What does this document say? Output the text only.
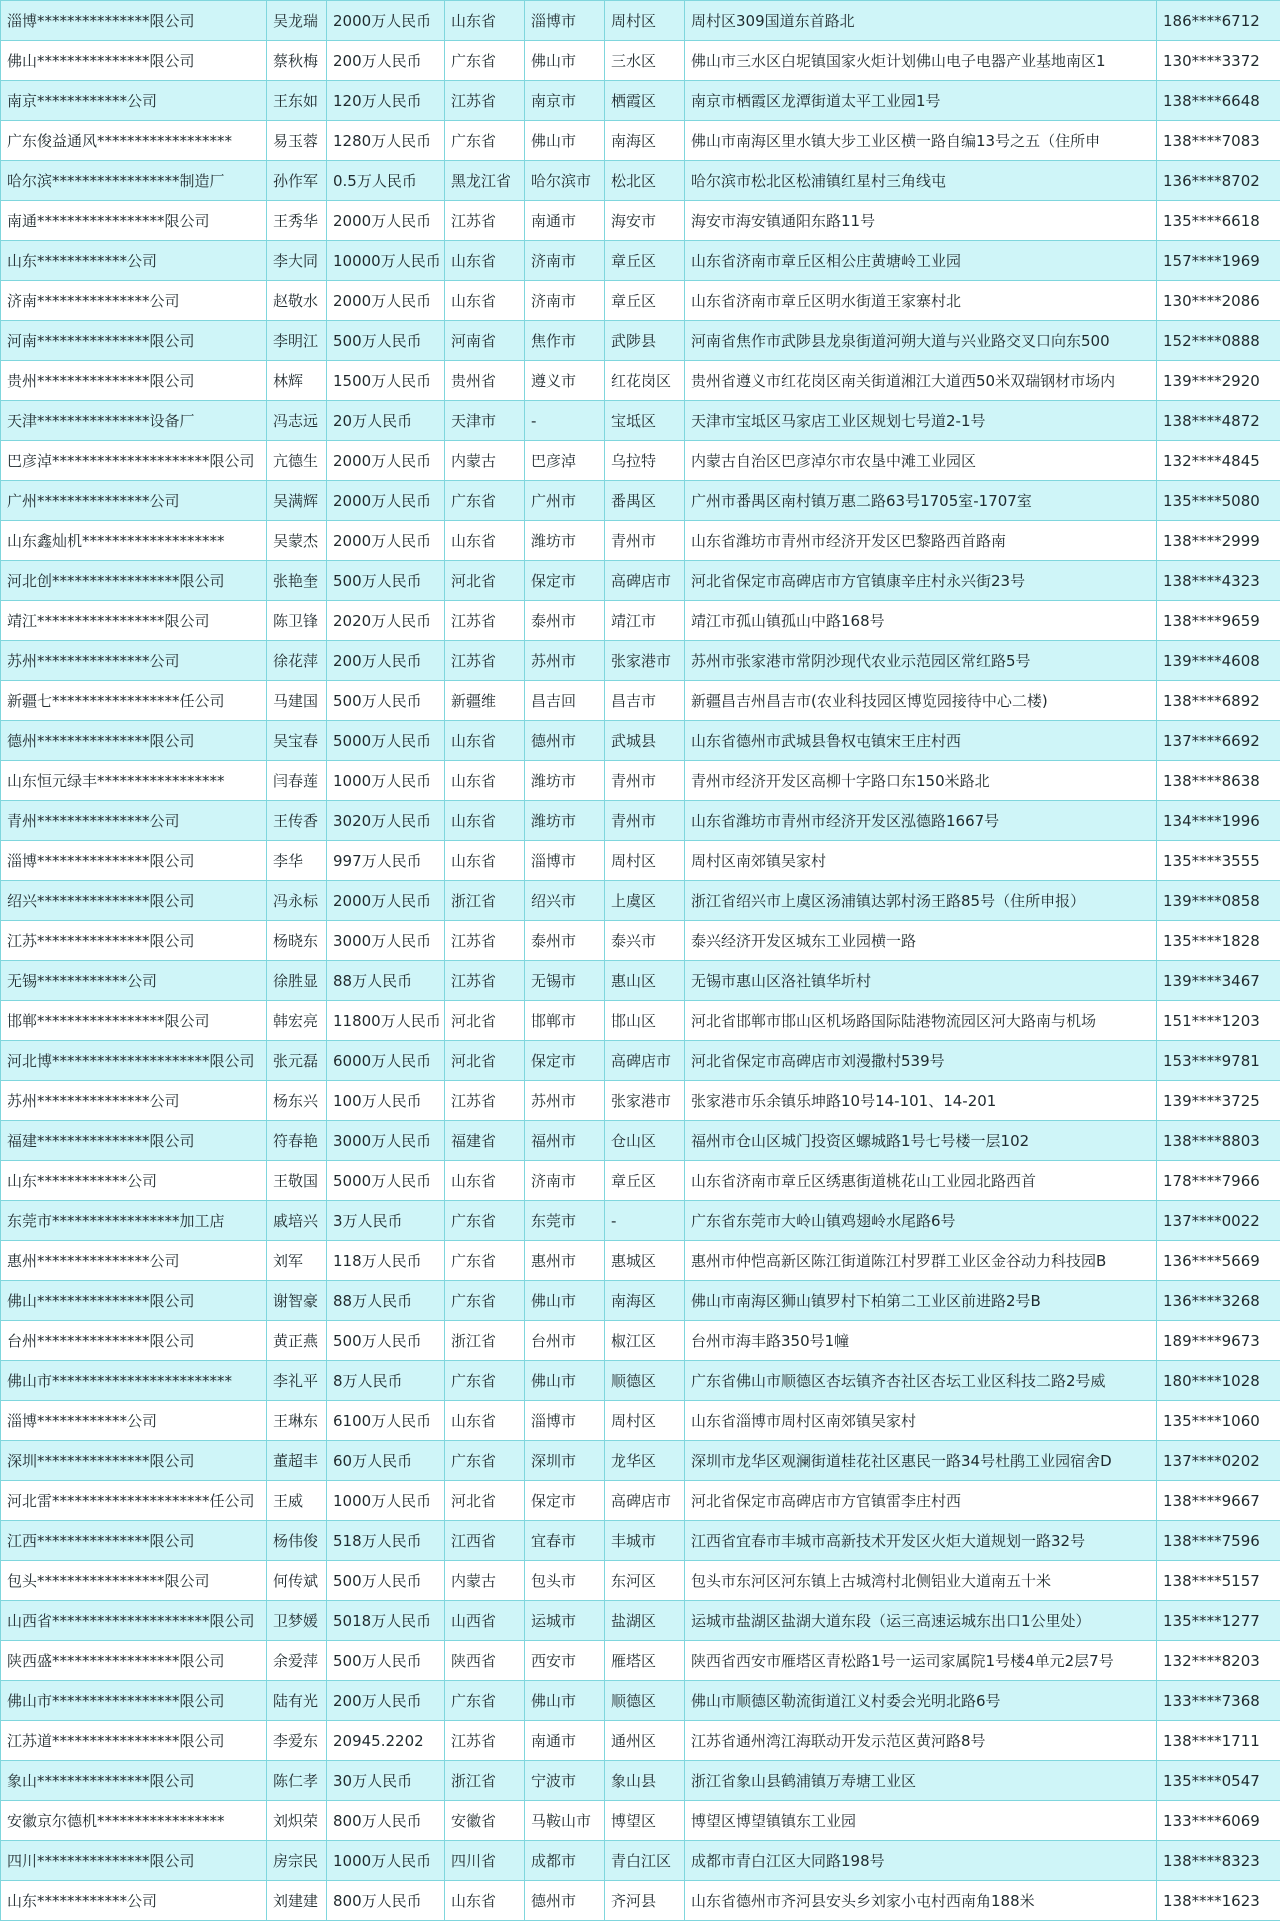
淄博***************限公司	吴龙瑞	2000万人民币	山东省	淄博市	周村区	周村区309国道东首路北	186****6712
佛山***************限公司	蔡秋梅	200万人民币	广东省	佛山市	三水区	佛山市三水区白坭镇国家火炬计划佛山电子电器产业基地南区1	130****3372
南京************公司	王东如	120万人民币	江苏省	南京市	栖霞区	南京市栖霞区龙潭街道太平工业园1号	138****6648
广东俊益通风******************	易玉蓉	1280万人民币	广东省	佛山市	南海区	佛山市南海区里水镇大步工业区横一路自编13号之五（住所申	138****7083
哈尔滨*****************制造厂	孙作军	0.5万人民币	黑龙江省	哈尔滨市	松北区	哈尔滨市松北区松浦镇红星村三角线屯	136****8702
南通*****************限公司	王秀华	2000万人民币	江苏省	南通市	海安市	海安市海安镇通阳东路11号	135****6618
山东************公司	李大同	10000万人民币	山东省	济南市	章丘区	山东省济南市章丘区相公庄黄塘岭工业园	157****1969
济南***************公司	赵敬水	2000万人民币	山东省	济南市	章丘区	山东省济南市章丘区明水街道王家寨村北	130****2086
河南***************限公司	李明江	500万人民币	河南省	焦作市	武陟县	河南省焦作市武陟县龙泉街道河朔大道与兴业路交叉口向东500	152****0888
贵州***************限公司	林辉	1500万人民币	贵州省	遵义市	红花岗区	贵州省遵义市红花岗区南关街道湘江大道西50米双瑞钢材市场内	139****2920
天津***************设备厂	冯志远	20万人民币	天津市	-	宝坻区	天津市宝坻区马家店工业区规划七号道2-1号	138****4872
巴彦淖*********************限公司	亢德生	2000万人民币	内蒙古	巴彦淖	乌拉特	内蒙古自治区巴彦淖尔市农垦中滩工业园区	132****4845
广州***************公司	吴满辉	2000万人民币	广东省	广州市	番禺区	广州市番禺区南村镇万惠二路63号1705室-1707室	135****5080
山东鑫灿机*******************	吴蒙杰	2000万人民币	山东省	潍坊市	青州市	山东省潍坊市青州市经济开发区巴黎路西首路南	138****2999
河北创*****************限公司	张艳奎	500万人民币	河北省	保定市	高碑店市	河北省保定市高碑店市方官镇康辛庄村永兴街23号	138****4323
靖江*****************限公司	陈卫锋	2020万人民币	江苏省	泰州市	靖江市	靖江市孤山镇孤山中路168号	138****9659
苏州***************公司	徐花萍	200万人民币	江苏省	苏州市	张家港市	苏州市张家港市常阴沙现代农业示范园区常红路5号	139****4608
新疆七*****************任公司	马建国	500万人民币	新疆维	昌吉回	昌吉市	新疆昌吉州昌吉市(农业科技园区博览园接待中心二楼)	138****6892
德州***************限公司	吴宝春	5000万人民币	山东省	德州市	武城县	山东省德州市武城县鲁权屯镇宋王庄村西	137****6692
山东恒元绿丰*****************	闫春莲	1000万人民币	山东省	潍坊市	青州市	青州市经济开发区高柳十字路口东150米路北	138****8638
青州***************公司	王传香	3020万人民币	山东省	潍坊市	青州市	山东省潍坊市青州市经济开发区泓德路1667号	134****1996
淄博***************限公司	李华	997万人民币	山东省	淄博市	周村区	周村区南郊镇吴家村	135****3555
绍兴***************限公司	冯永标	2000万人民币	浙江省	绍兴市	上虞区	浙江省绍兴市上虞区汤浦镇达郭村汤王路85号（住所申报）	139****0858
江苏***************限公司	杨晓东	3000万人民币	江苏省	泰州市	泰兴市	泰兴经济开发区城东工业园横一路	135****1828
无锡************公司	徐胜显	88万人民币	江苏省	无锡市	惠山区	无锡市惠山区洛社镇华圻村	139****3467
邯郸*****************限公司	韩宏亮	11800万人民币	河北省	邯郸市	邯山区	河北省邯郸市邯山区机场路国际陆港物流园区河大路南与机场	151****1203
河北博*********************限公司	张元磊	6000万人民币	河北省	保定市	高碑店市	河北省保定市高碑店市刘漫撒村539号	153****9781
苏州***************公司	杨东兴	100万人民币	江苏省	苏州市	张家港市	张家港市乐余镇乐坤路10号14-101、14-201	139****3725
福建***************限公司	符春艳	3000万人民币	福建省	福州市	仓山区	福州市仓山区城门投资区螺城路1号七号楼一层102	138****8803
山东************公司	王敬国	5000万人民币	山东省	济南市	章丘区	山东省济南市章丘区绣惠街道桃花山工业园北路西首	178****7966
东莞市*****************加工店	戚培兴	3万人民币	广东省	东莞市	-	广东省东莞市大岭山镇鸡翅岭水尾路6号	137****0022
惠州***************公司	刘军	118万人民币	广东省	惠州市	惠城区	惠州市仲恺高新区陈江街道陈江村罗群工业区金谷动力科技园B	136****5669
佛山***************限公司	谢智豪	88万人民币	广东省	佛山市	南海区	佛山市南海区狮山镇罗村下柏第二工业区前进路2号B	136****3268
台州***************限公司	黄正燕	500万人民币	浙江省	台州市	椒江区	台州市海丰路350号1幢	189****9673
佛山市************************	李礼平	8万人民币	广东省	佛山市	顺德区	广东省佛山市顺德区杏坛镇齐杏社区杏坛工业区科技二路2号威	180****1028
淄博************公司	王琳东	6100万人民币	山东省	淄博市	周村区	山东省淄博市周村区南郊镇吴家村	135****1060
深圳***************限公司	董超丰	60万人民币	广东省	深圳市	龙华区	深圳市龙华区观澜街道桂花社区惠民一路34号杜鹃工业园宿舍D	137****0202
河北雷*********************任公司	王威	1000万人民币	河北省	保定市	高碑店市	河北省保定市高碑店市方官镇雷李庄村西	138****9667
江西***************限公司	杨伟俊	518万人民币	江西省	宜春市	丰城市	江西省宜春市丰城市高新技术开发区火炬大道规划一路32号	138****7596
包头*****************限公司	何传斌	500万人民币	内蒙古	包头市	东河区	包头市东河区河东镇上古城湾村北侧铝业大道南五十米	138****5157
山西省*********************限公司	卫梦媛	5018万人民币	山西省	运城市	盐湖区	运城市盐湖区盐湖大道东段（运三高速运城东出口1公里处）	135****1277
陕西盛*****************限公司	余爱萍	500万人民币	陕西省	西安市	雁塔区	陕西省西安市雁塔区青松路1号一运司家属院1号楼4单元2层7号	132****8203
佛山市*****************限公司	陆有光	200万人民币	广东省	佛山市	顺德区	佛山市顺德区勒流街道江义村委会光明北路6号	133****7368
江苏道*****************限公司	李爱东	20945.2202	江苏省	南通市	通州区	江苏省通州湾江海联动开发示范区黄河路8号	138****1711
象山***************限公司	陈仁孝	30万人民币	浙江省	宁波市	象山县	浙江省象山县鹤浦镇万寿塘工业区	135****0547
安徽京尔德机*****************	刘炽荣	800万人民币	安徽省	马鞍山市	博望区	博望区博望镇镇东工业园	133****6069
四川***************限公司	房宗民	1000万人民币	四川省	成都市	青白江区	成都市青白江区大同路198号	138****8323
山东************公司	刘建建	800万人民币	山东省	德州市	齐河县	山东省德州市齐河县安头乡刘家小屯村西南角188米	138****1623
